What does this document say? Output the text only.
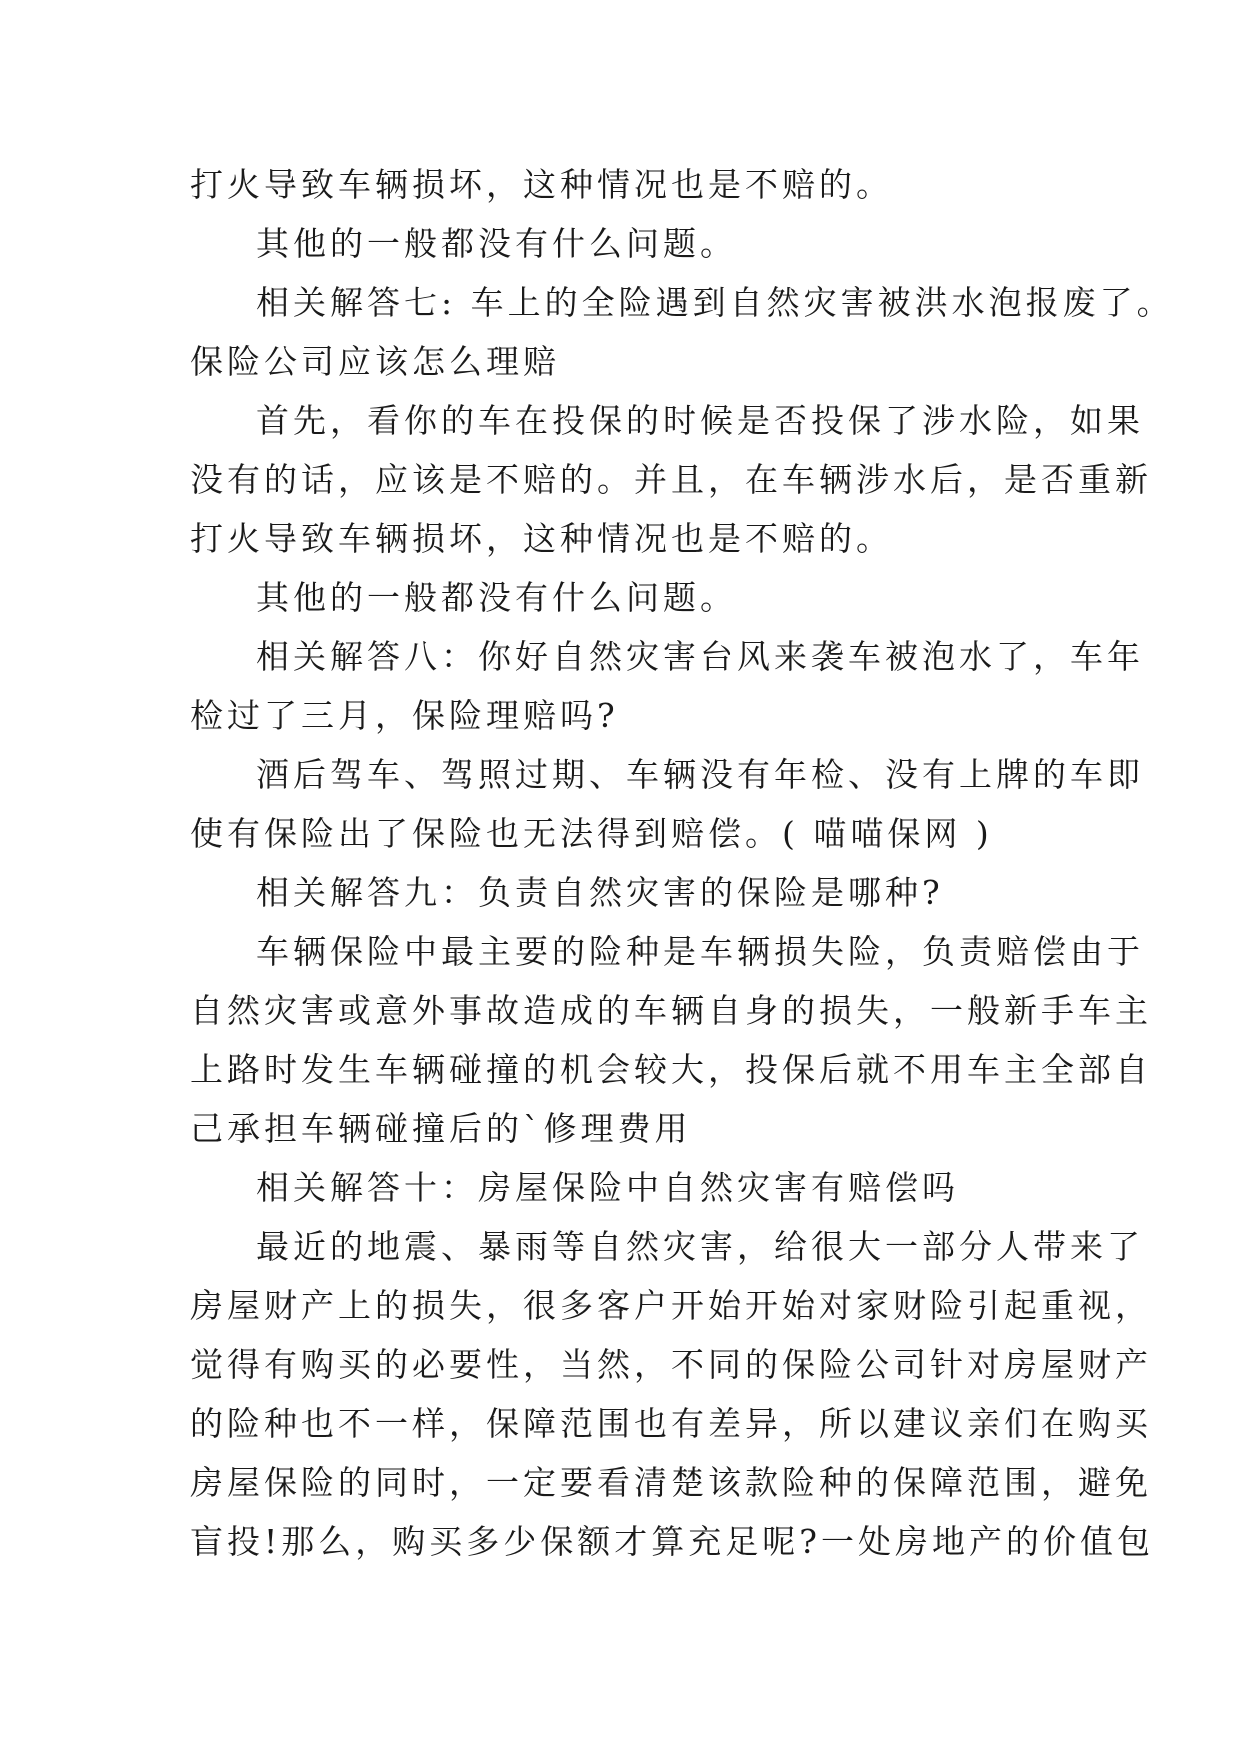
打火导致车辆损坏，这种情况也是不赔的。

其他的一般都没有什么问题。

相关解答七: 车上的全险遇到自然灾害被洪水泡报废了。

保险公司应该怎么理赔

首先，看你的车在投保的时候是否投保了涉水险，如果

没有的话，应该是不赔的。并且，在车辆涉水后，是否重新

打火导致车辆损坏，这种情况也是不赔的。

其他的一般都没有什么问题。

相关解答八：你好自然灾害台风来袭车被泡水了，车年

检过了三月，保险理赔吗?

酒后驾车、驾照过期、车辆没有年检、没有上牌的车即

使有保险出了保险也无法得到赔偿。( 喵喵保网 )

相关解答九：负责自然灾害的保险是哪种?

车辆保险中最主要的险种是车辆损失险，负责赔偿由于

自然灾害或意外事故造成的车辆自身的损失，一般新手车主

上路时发生车辆碰撞的机会较大，投保后就不用车主全部自

己承担车辆碰撞后的`修理费用

相关解答十：房屋保险中自然灾害有赔偿吗

最近的地震、暴雨等自然灾害，给很大一部分人带来了

房屋财产上的损失，很多客户开始开始对家财险引起重视，

觉得有购买的必要性，当然，不同的保险公司针对房屋财产

的险种也不一样，保障范围也有差异，所以建议亲们在购买

房屋保险的同时，一定要看清楚该款险种的保障范围，避免

盲投!那么，购买多少保额才算充足呢?一处房地产的价值包
